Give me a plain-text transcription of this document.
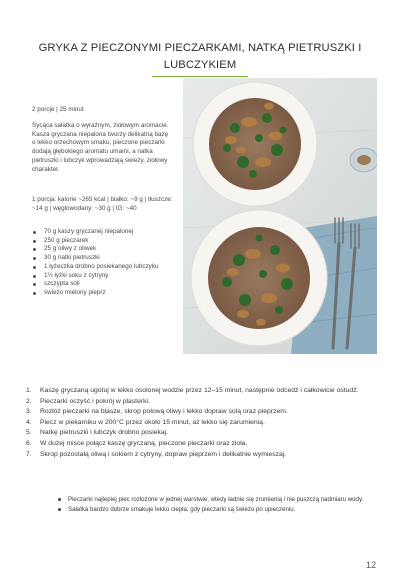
GRYKA Z PIECZONYMI PIECZARKAMI, NATKĄ PIETRUSZKI I LUBCZYKIEM
2 porcje | 25 minut
Sycąca sałatka o wyraźnym, ziołowym aromacie. Kasza gryczana niepalona tworzy delikatną bazę o lekko orzechowym smaku, pieczone pieczarki dodają głębokiego aromatu umami, a natka pietruszki i lubczyk wprowadzają świeży, ziołowy charakter.
1 porcja: kalorie ~265 kcal | białko: ~9 g | tłuszcze: ~14 g | węglowodany: ~30 g | IG: ~40
70 g kaszy gryczanej niepalonej
250 g pieczarek
25 g oliwy z oliwek
30 g natki pietruszki
1 łyżeczka drobno posiekanego lubczyku
1½ łyżki soku z cytryny
szczypta soli
świeżo mielony pieprz
1. Kaszę gryczaną ugotuj w lekko osolonej wodzie przez 12–15 minut, następnie odcedź i całkowicie ostudź.
2. Pieczarki oczyść i pokrój w plasterki.
3. Rozłóż pieczarki na blasze, skrop połową oliwy i lekko dopraw solą oraz pieprzem.
4. Piecz w piekarniku w 200°C przez około 15 minut, aż lekko się zarumienią.
5. Natkę pietruszki i lubczyk drobno posiekaj.
6. W dużej misce połącz kaszę gryczaną, pieczone pieczarki oraz zioła.
7. Skrop pozostałą oliwą i sokiem z cytryny, dopraw pieprzem i delikatnie wymieszaj.
Pieczarki najlepiej piec rozłożone w jednej warstwie, wtedy ładnie się zrumienią i nie puszczą nadmiaru wody.
Sałatka bardzo dobrze smakuje lekko ciepła, gdy pieczarki są świeżo po upieczeniu.
12
